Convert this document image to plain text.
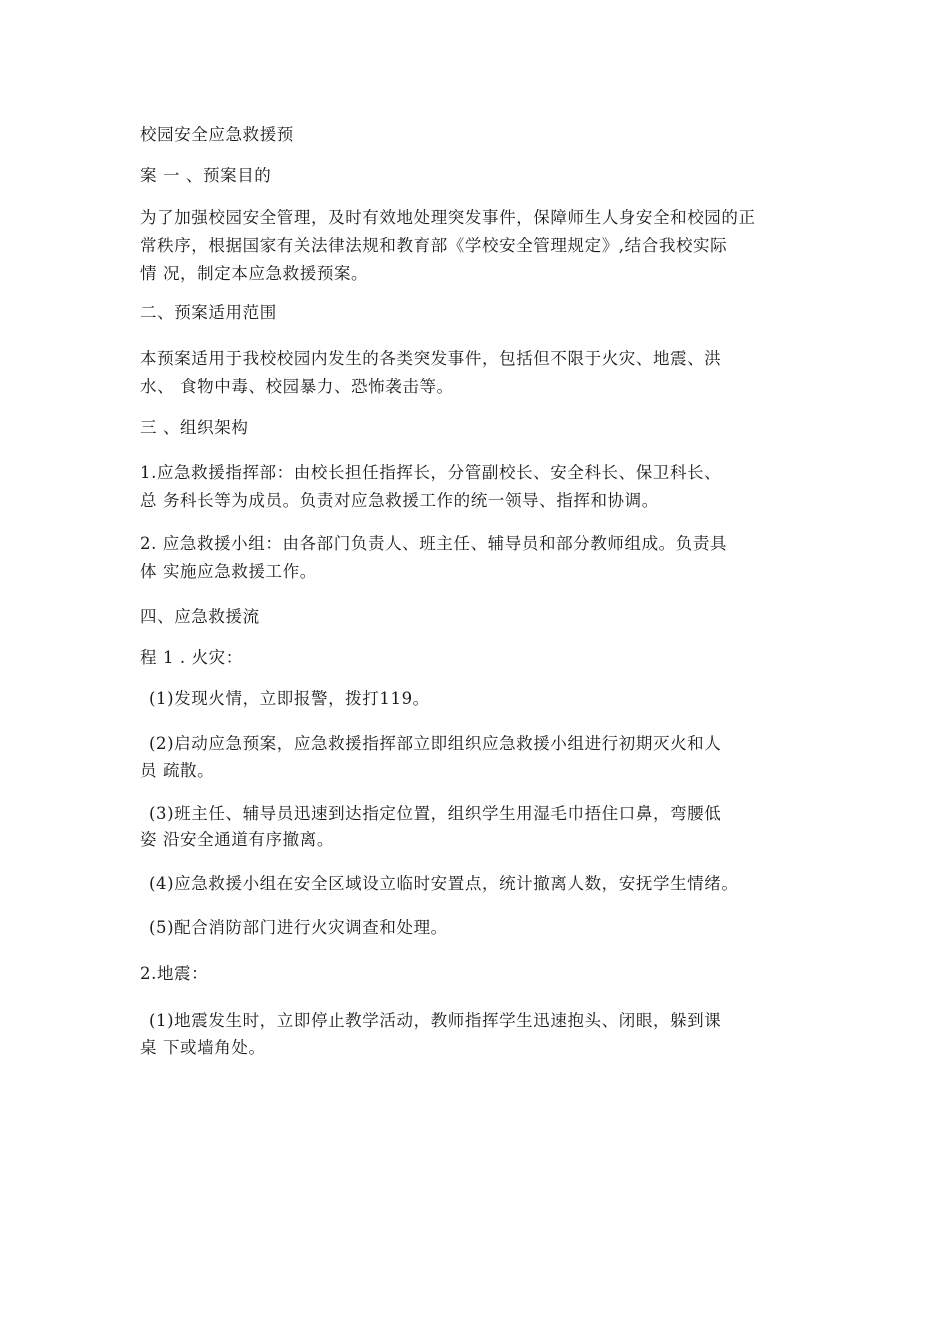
校园安全应急救援预
案 一 、预案目的
为了加强校园安全管理，及时有效地处理突发事件，保障师生人身安全和校园的正
常秩序，根据国家有关法律法规和教育部《学校安全管理规定》,结合我校实际
情 况，制定本应急救援预案。
二、预案适用范围
本预案适用于我校校园内发生的各类突发事件，包括但不限于火灾、地震、洪
水、 食物中毒、校园暴力、恐怖袭击等。
三 、组织架构
1.应急救援指挥部：由校长担任指挥长，分管副校长、安全科长、保卫科长、
总 务科长等为成员。负责对应急救援工作的统一领导、指挥和协调。
2. 应急救援小组：由各部门负责人、班主任、辅导员和部分教师组成。负责具
体 实施应急救援工作。
四、应急救援流
程 1 . 火灾：
(1)发现火情，立即报警，拨打119。
(2)启动应急预案，应急救援指挥部立即组织应急救援小组进行初期灭火和人
员 疏散。
(3)班主任、辅导员迅速到达指定位置，组织学生用湿毛巾捂住口鼻，弯腰低
姿 沿安全通道有序撤离。
(4)应急救援小组在安全区域设立临时安置点，统计撤离人数，安抚学生情绪。
(5)配合消防部门进行火灾调查和处理。
2.地震：
(1)地震发生时，立即停止教学活动，教师指挥学生迅速抱头、闭眼，躲到课
桌 下或墙角处。
